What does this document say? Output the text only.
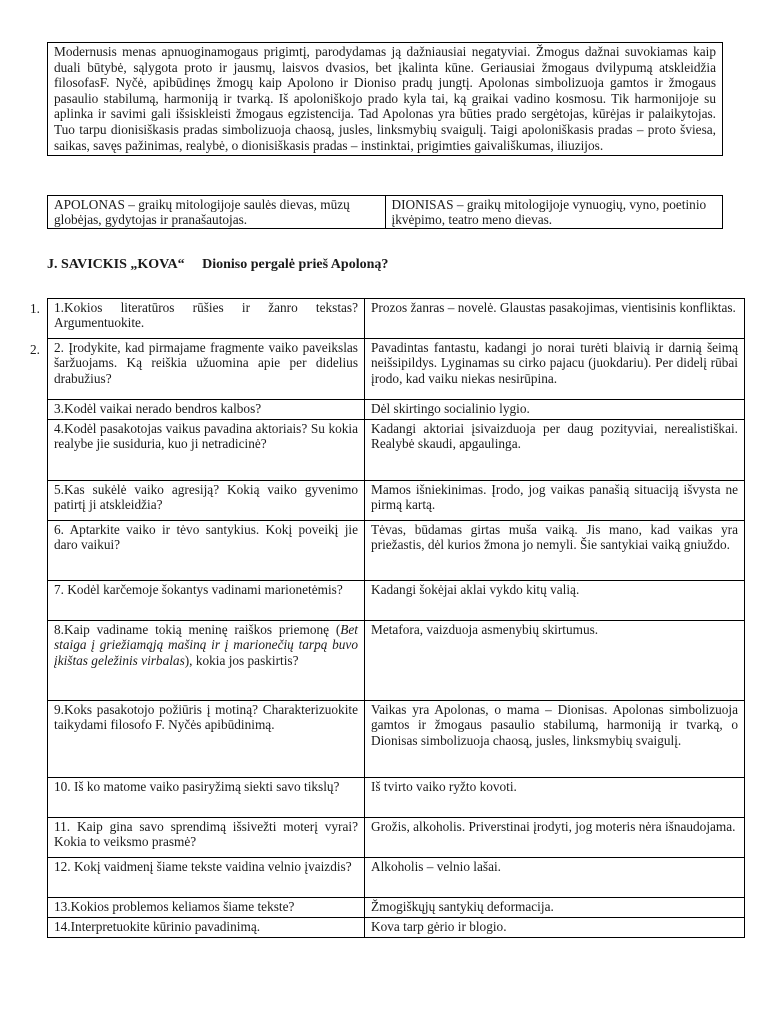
Modernusis menas apnuoginamogaus prigimtį, parodydamas ją dažniausiai negatyviai. Žmogus dažnai suvokiamas kaip duali būtybė, sąlygota proto ir jausmų, laisvos dvasios, bet įkalinta kūne. Geriausiai žmogaus dvilypumą atskleidžia filosofasF. Nyčė, apibūdinęs žmogų kaip Apolono ir Dioniso pradų jungtį. Apolonas simbolizuoja gamtos ir žmogaus pasaulio stabilumą, harmoniją ir tvarką. Iš apoloniškojo prado kyla tai, ką graikai vadino kosmosu. Tik harmonijoje su aplinka ir savimi gali išsiskleisti žmogaus egzistencija. Tad Apolonas yra būties prado sergėtojas, kūrėjas ir palaikytojas. Tuo tarpu dionisiškasis pradas simbolizuoja chaosą, jusles, linksmybių svaigulį. Taigi apoloniškasis pradas – proto šviesa, saikas, savęs pažinimas, realybė, o dionisiškasis pradas – instinktai, prigimties gaivališkumas, iliuzijos.
APOLONAS – graikų mitologijoje saulės dievas, mūzų globėjas, gydytojas ir pranašautojas.	DIONISAS – graikų mitologijoje vynuogių, vyno, poetinio įkvėpimo, teatro meno dievas.
J. SAVICKIS „KOVA“     Dioniso pergalė prieš Apoloną?
1.
2.
1.Kokios literatūros rūšies ir žanro tekstas? Argumentuokite.	Prozos žanras – novelė. Glaustas pasakojimas, vientisinis konfliktas.
2. Įrodykite, kad pirmajame fragmente vaiko paveikslas šaržuojams. Ką reiškia užuomina apie per didelius drabužius?	Pavadintas fantastu, kadangi jo norai turėti blaivią ir darnią šeimą neišsipildys. Lyginamas su cirko pajacu (juokdariu). Per didelį rūbai įrodo, kad vaiku niekas nesirūpina.
3.Kodėl vaikai nerado bendros kalbos?	Dėl skirtingo socialinio lygio.
4.Kodėl pasakotojas vaikus pavadina aktoriais? Su kokia realybe jie susiduria, kuo ji netradicinė?	Kadangi aktoriai įsivaizduoja per daug pozityviai, nerealistiškai. Realybė skaudi, apgaulinga.
5.Kas sukėlė vaiko agresiją? Kokią vaiko gyvenimo patirtį ji atskleidžia?	Mamos išniekinimas. Įrodo, jog vaikas panašią situaciją išvysta ne pirmą kartą.
6. Aptarkite vaiko ir tėvo santykius. Kokį poveikį jie daro vaikui?	Tėvas, būdamas girtas muša vaiką. Jis mano, kad vaikas yra priežastis, dėl kurios žmona jo nemyli. Šie santykiai vaiką gniuždo.
7. Kodėl karčemoje šokantys vadinami marionetėmis?	Kadangi šokėjai aklai vykdo kitų valią.
8.Kaip vadiname tokią meninę raiškos priemonę (Bet staiga į griežiamąją mašiną ir į marionečių tarpą buvo įkištas geležinis virbalas), kokia jos paskirtis?	Metafora, vaizduoja asmenybių skirtumus.
9.Koks pasakotojo požiūris į motiną? Charakterizuokite taikydami filosofo F. Nyčės apibūdinimą.	Vaikas yra Apolonas, o mama – Dionisas. Apolonas simbolizuoja gamtos ir žmogaus pasaulio stabilumą, harmoniją ir tvarką, o Dionisas simbolizuoja chaosą, jusles, linksmybių svaigulį.
10. Iš ko matome vaiko pasiryžimą siekti savo tikslų?	Iš tvirto vaiko ryžto kovoti.
11. Kaip gina savo sprendimą išsivežti moterį vyrai? Kokia to veiksmo prasmė?	Grožis, alkoholis. Priverstinai įrodyti, jog moteris nėra išnaudojama.
12. Kokį vaidmenį šiame tekste vaidina velnio įvaizdis?	Alkoholis – velnio lašai.
13.Kokios problemos keliamos šiame tekste?	Žmogiškųjų santykių deformacija.
14.Interpretuokite kūrinio pavadinimą.	Kova tarp gėrio ir blogio.
